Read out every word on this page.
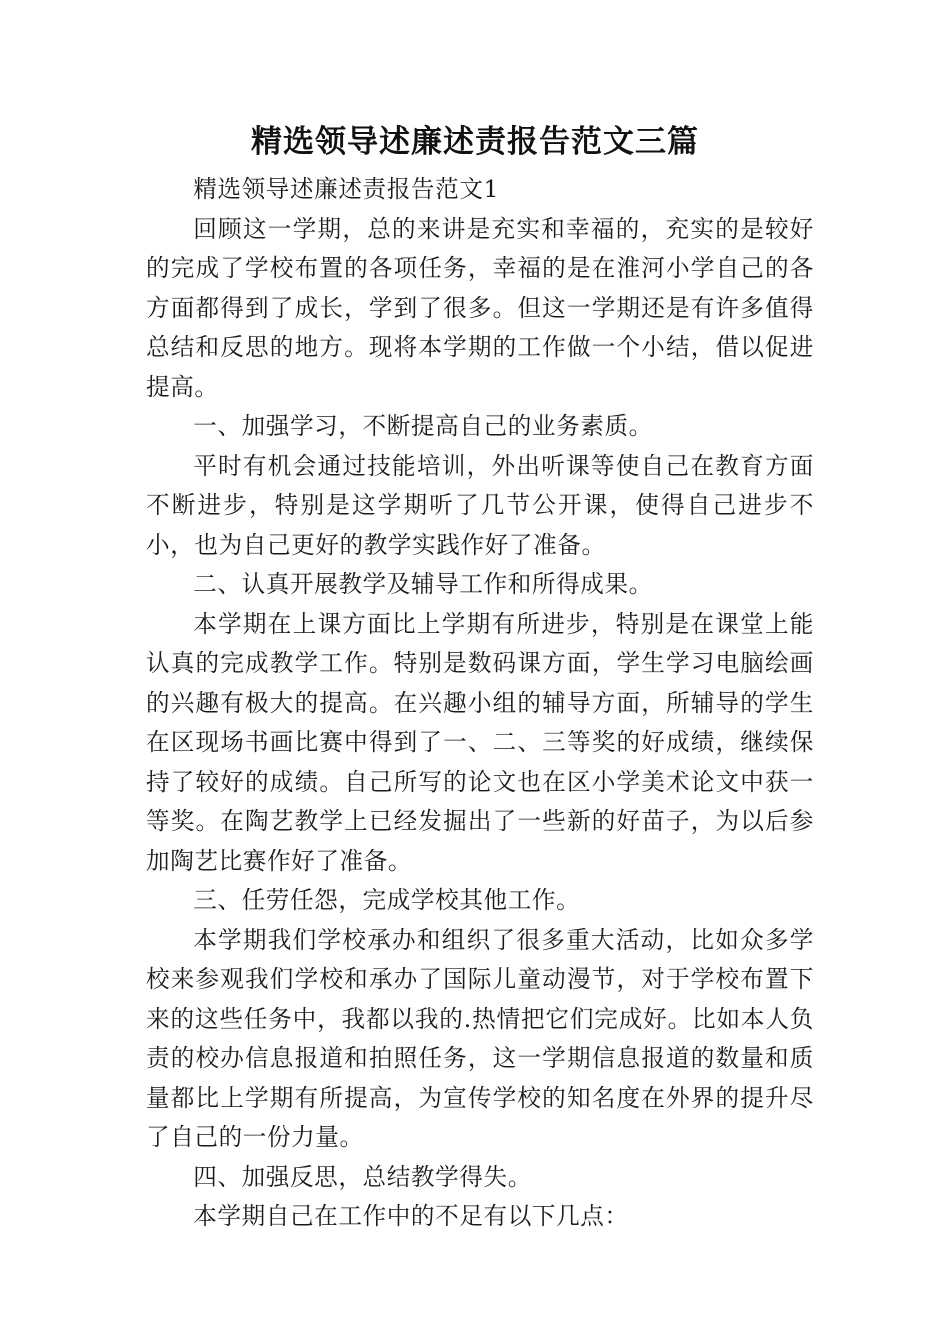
精选领导述廉述责报告范文三篇

精选领导述廉述责报告范文1

回顾这一学期，总的来讲是充实和幸福的，充实的是较好的完成了学校布置的各项任务，幸福的是在淮河小学自己的各方面都得到了成长，学到了很多。但这一学期还是有许多值得总结和反思的地方。现将本学期的工作做一个小结，借以促进提高。

一、加强学习，不断提高自己的业务素质。

平时有机会通过技能培训，外出听课等使自己在教育方面不断进步，特别是这学期听了几节公开课，使得自己进步不小，也为自己更好的教学实践作好了准备。

二、认真开展教学及辅导工作和所得成果。

本学期在上课方面比上学期有所进步，特别是在课堂上能认真的完成教学工作。特别是数码课方面，学生学习电脑绘画的兴趣有极大的提高。在兴趣小组的辅导方面，所辅导的学生在区现场书画比赛中得到了一、二、三等奖的好成绩，继续保持了较好的成绩。自己所写的论文也在区小学美术论文中获一等奖。在陶艺教学上已经发掘出了一些新的好苗子，为以后参加陶艺比赛作好了准备。

三、任劳任怨，完成学校其他工作。

本学期我们学校承办和组织了很多重大活动，比如众多学校来参观我们学校和承办了国际儿童动漫节，对于学校布置下来的这些任务中，我都以我的.热情把它们完成好。比如本人负责的校办信息报道和拍照任务，这一学期信息报道的数量和质量都比上学期有所提高，为宣传学校的知名度在外界的提升尽了自己的一份力量。

四、加强反思，总结教学得失。

本学期自己在工作中的不足有以下几点：
